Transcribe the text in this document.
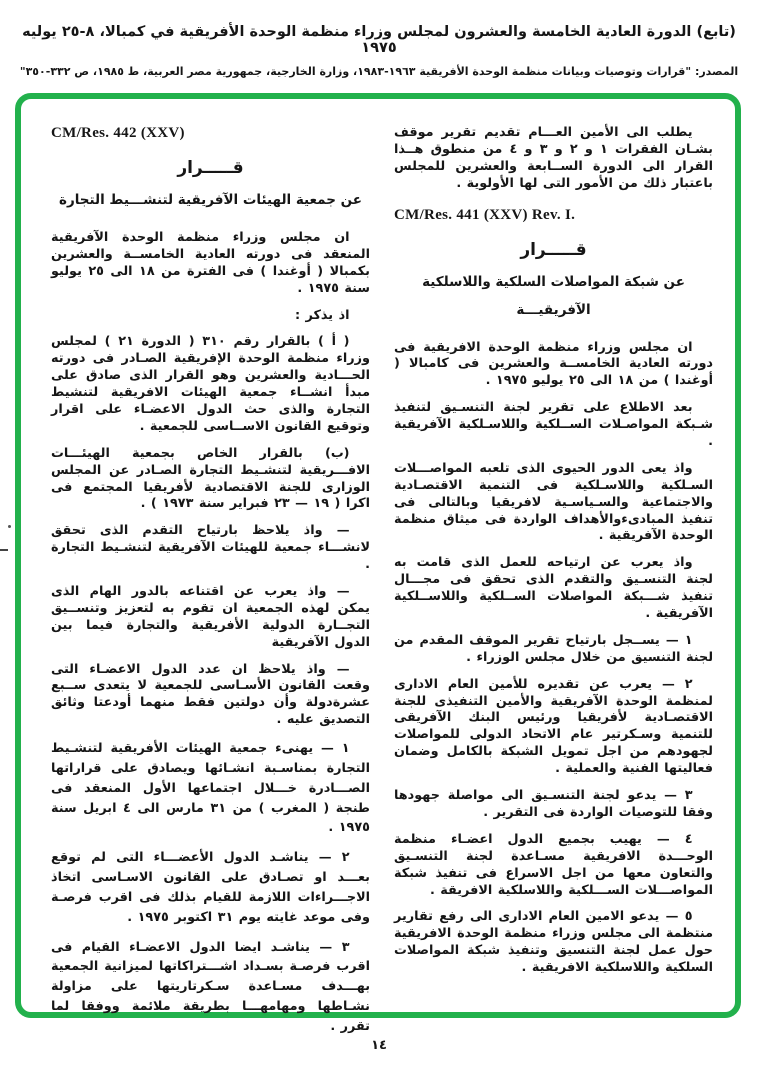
(تابع) الدورة العادية الخامسة والعشرون لمجلس وزراء منظمة الوحدة الأفريقية في كمبالا، ٨-٢٥ يوليه ١٩٧٥
المصدر: "قرارات وتوصيات وبيانات منظمة الوحدة الأفريقية ١٩٦٣-١٩٨٣، وزارة الخارجية، جمهورية مصر العربية، ط ١٩٨٥، ص ٣٣٢-٣٥٠"

يطلب الى الأمين العـــام تقديم تقرير موقف بشـان الفقرات ١ و ٢ و ٣ و ٤ من منطوق هــذا القرار الى الدورة الســابعة والعشرين للمجلس باعتبار ذلك من الأمور التى لها الأولوية .

CM/Res. 441 (XXV) Rev. I.
قـــــرار
عن شبكة المواصلات السلكية واللاسلكية
الآفريقيـــة

ان مجلس وزراء منظمة الوحدة الافريقية فى دورته العادية الخامســة والعشرين فى كامبالا ( أوغندا ) من ١٨ الى ٢٥ يوليو ١٩٧٥ .

بعد الاطلاع على تقرير لجنة التنسـيق لتنفيذ شـبكة المواصـلات الســلكية واللاسـلكية الآفريقية .

واذ يعى الدور الحيوى الذى تلعبه المواصـــلات السـلكية واللاسـلكية فى التنمية الاقتصـادية والاجتماعية والسـياسـية لافريقيا وبالتالى فى تنفيذ المبادىءوالأهداف الواردة فى ميثاق منظمة الوحدة الآفريقية .

واذ يعرب عن ارتياحه للعمل الذى قامت به لجنة التنسـيق والتقدم الذى تحقق فى مجـــال تنفيذ شـــبكة المواصلات الســلكية واللاســلكية الآفريقية .

١ — يســجل بارتياح تقرير الموقف المقدم من لجنة التنسيق من خلال مجلس الوزراء .

٢ — يعرب عن تقديره للأمين العام الادارى لمنظمة الوحدة الآفريقية والأمين التنفيذى للجنة الاقتصـادية لأفريقيا ورئيس البنك الآفريقى للتنمية وسـكرتير عام الاتحاد الدولى للمواصلات لجهودهم من اجل تمويل الشبكة بالكامل وضمان فعاليتها الفنية والعملية .

٣ — يدعو لجنة التنسـيق الى مواصلة جهودها وفقا للتوصيات الواردة فى التقرير .

٤ — يهيب بجميع الدول اعضـاء منظمة الوحـــدة الافريقية مسـاعدة لجنة التنسـيق والتعاون معها من اجل الاسراع فى تنفيذ شبكة المواصـــلات الســـلكية واللاسلكية الافريقة .

٥ — يدعو الامين العام الادارى الى رفع تقارير منتظمة الى مجلس وزراء منظمة الوحدة الافريقية حول عمل لجنة التنسيق وتنفيذ شبكة المواصلات السلكية واللاسلكية الافريقية .

CM/Res. 442 (XXV)
قـــــرار
عن جمعية الهيئات الآفريقية لتنشـــيط التجارة

ان مجلس وزراء منظمة الوحدة الآفريقية المنعقد فى دورته العادية الخامســة والعشرين بكمبالا ( أوغندا ) فى الفترة من ١٨ الى ٢٥ يوليو سنة ١٩٧٥ .

اذ يذكر :

( أ ) بالقرار رقم ٣١٠ ( الدورة ٢١ ) لمجلس وزراء منظمة الوحدة الإفريقية الصـادر فى دورته الحـــادية والعشرين وهو القرار الذى صادق على مبدأ انشــاء جمعية الهيئات الافريقية لتنشيط التجارة والذى حث الدول الاعضـاء على اقرار وتوقيع القانون الاســاسى للجمعية .

(ب) بالقرار الخاص بجمعية الهيئـــات الافـــريقية لتنشـيط التجارة الصـادر عن المجلس الوزارى للجنة الاقتصادية لأفريقيا المجتمع فى اكرا ( ١٩ — ٢٣ فبراير سنة ١٩٧٣ ) .

— واذ يلاحظ بارتياح التقدم الذى تحقق لانشـــاء جمعية للهيئات الآفريقية لتنشـيط التجارة .

— واذ يعرب عن اقتناعه بالدور الهام الذى يمكن لهذه الجمعية ان تقوم به لتعزيز وتنســيق التجــارة الدولية الأفريقية والتجارة فيما بين الدول الآفريقية

— واذ يلاحظ ان عدد الدول الاعضـاء التى وقعت القانون الأسـاسى للجمعية لا يتعدى ســبع عشرةدولة وأن دولتين فقط منهما أودعتا وثائق التصديق عليه .

١ — يهنىء جمعية الهيئات الأفريقية لتنشـيط التجارة بمناسـبة انشـائها ويصادق على قراراتها الصـــادرة خـــلال اجتماعها الأول المنعقد فى طنجة ( المغرب ) من ٣١ مارس الى ٤ ابريل سنة ١٩٧٥ .

٢ — يناشـد الدول الأعضـــاء التى لم توقع بعـــد او تصـادق على القانون الاسـاسى اتخاذ الاجـــراءات اللازمة للقيام بذلك فى اقرب فرصـة وفى موعد غايته يوم ٣١ اكتوبر ١٩٧٥ .

٣ — يناشـد ايضا الدول الاعضـاء القيام فى اقرب فرصـة بسـداد اشـــتراكاتها لميزانية الجمعية بهـــدف مسـاعدة سـكرتاريتها على مزاولة نشـاطها ومهامهـــا بطريقة ملائمة ووفقا لما تقرر .

١٤
